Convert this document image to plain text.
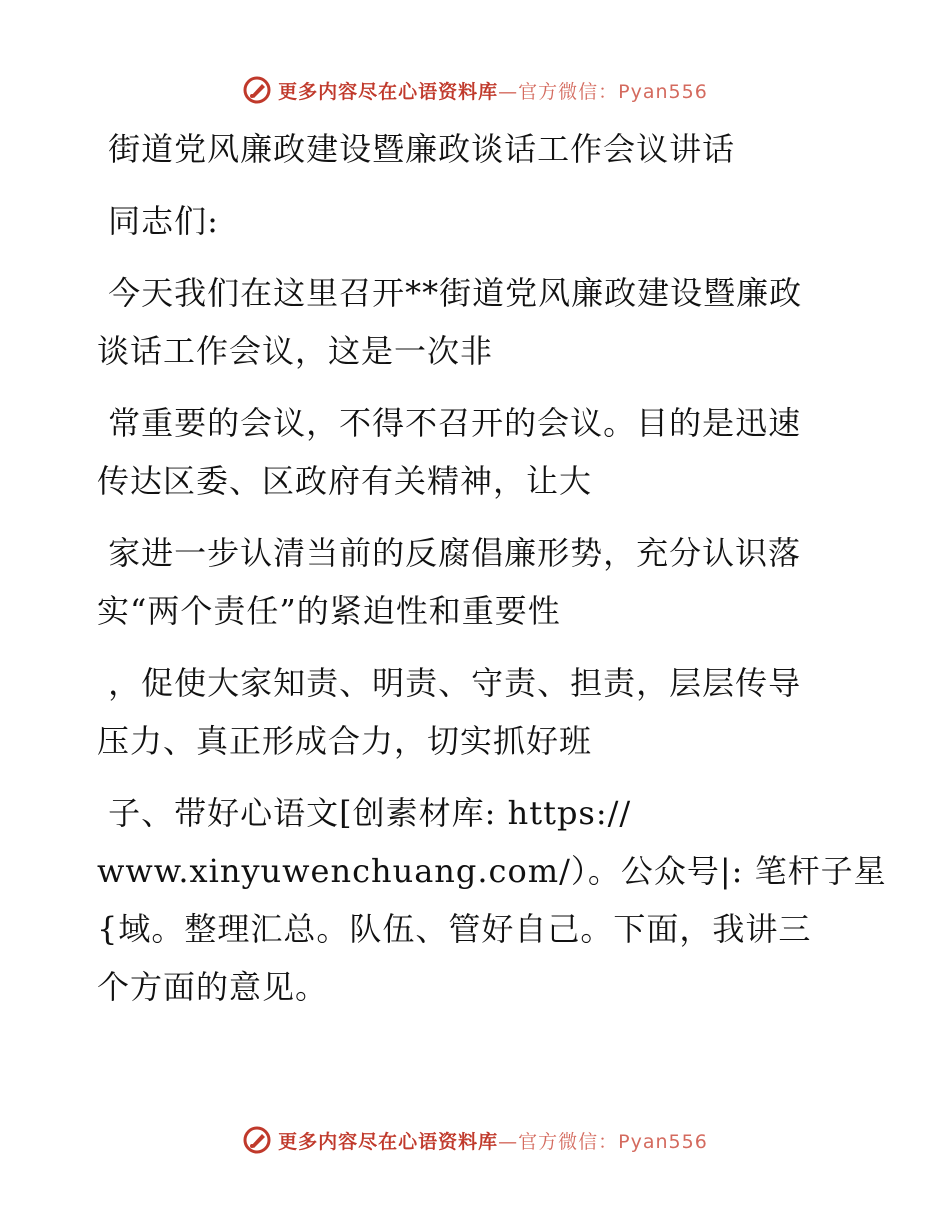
更多内容尽在心语资料库—官方微信：Pyan556
街道党风廉政建设暨廉政谈话工作会议讲话
同志们:
今天我们在这里召开**街道党风廉政建设暨廉政
谈话工作会议，这是一次非
常重要的会议，不得不召开的会议。目的是迅速
传达区委、区政府有关精神，让大
家进一步认清当前的反腐倡廉形势，充分认识落
实“两个责任”的紧迫性和重要性
，促使大家知责、明责、守责、担责，层层传导
压力、真正形成合力，切实抓好班
子、带好心语文[创素材库: https://
www.xinyuwenchuang.com/）。公众号|: 笔杆子星
{域。整理汇总。队伍、管好自己。下面，我讲三
个方面的意见。
更多内容尽在心语资料库—官方微信：Pyan556
